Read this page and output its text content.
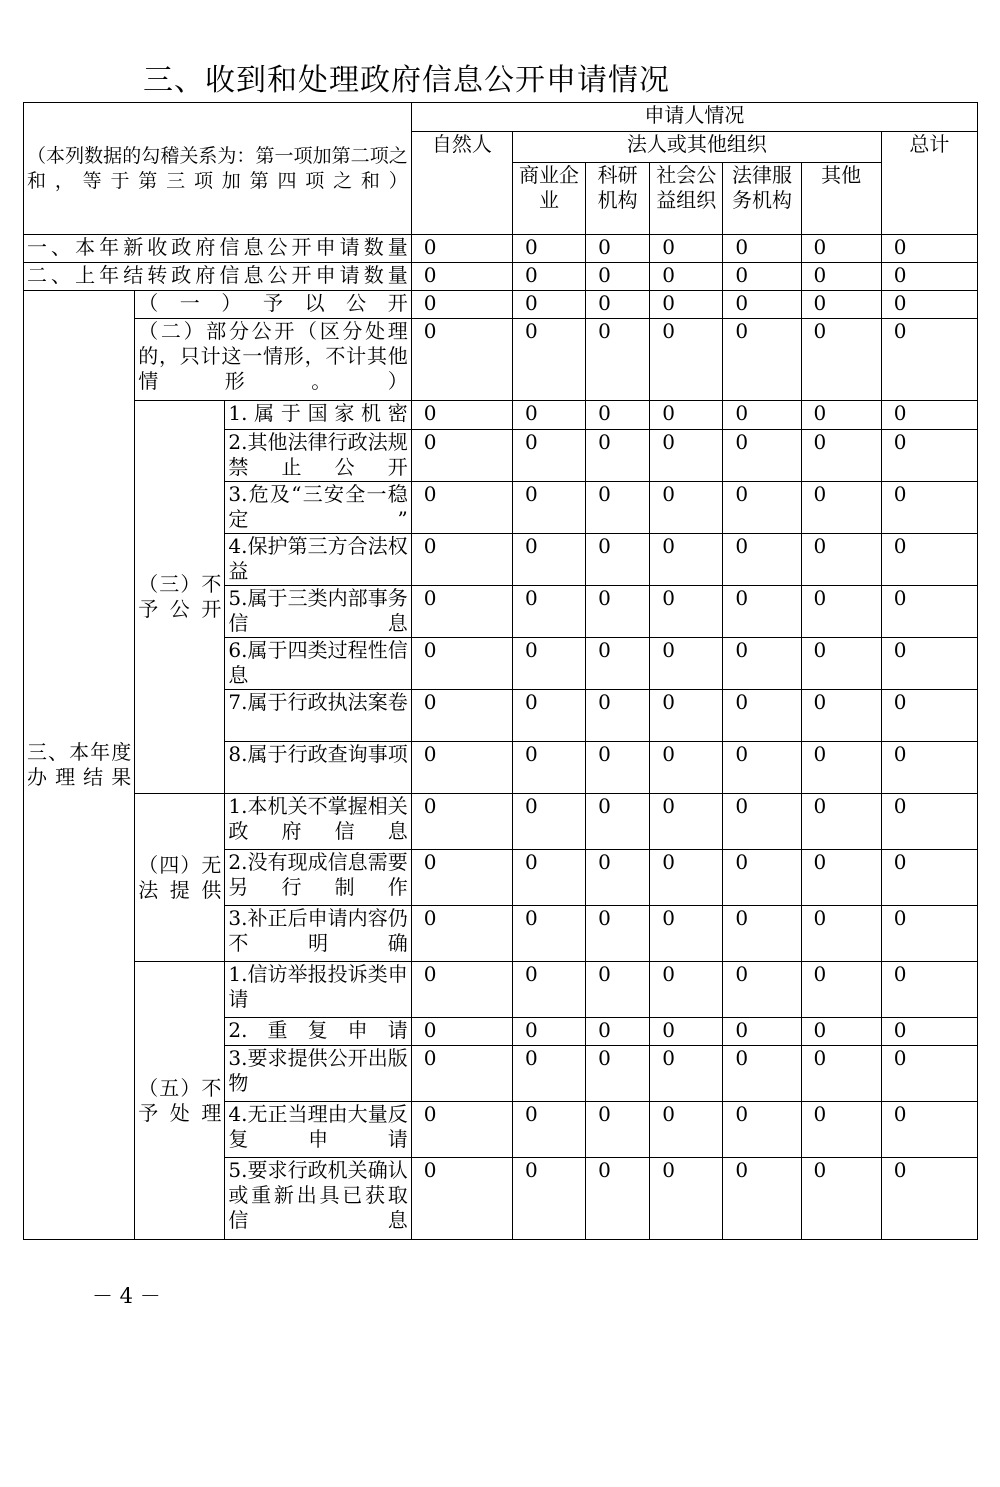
三、收到和处理政府信息公开申请情况
（本列数据的勾稽关系为：第一项加第二项之和，等于第三项加第四项之和）			申请人情况						
			自然人	法人或其他组织					总计
				商业企业	科研机构	社会公益组织	法律服务机构	其他	
一、本年新收政府信息公开申请数量			0	0	0	0	0	0	0
二、上年结转政府信息公开申请数量			0	0	0	0	0	0	0
三、本年度办理结果	（一）予以公开		0	0	0	0	0	0	0
	（二）部分公开（区分处理的，只计这一情形，不计其他情形。）		0	0	0	0	0	0	0
	（三）不予公开	1.属于国家机密	0	0	0	0	0	0	0
		2.其他法律行政法规禁止公开	0	0	0	0	0	0	0
		3.危及“三安全一稳定”	0	0	0	0	0	0	0
		4.保护第三方合法权益	0	0	0	0	0	0	0
		5.属于三类内部事务信息	0	0	0	0	0	0	0
		6.属于四类过程性信息	0	0	0	0	0	0	0
		7.属于行政执法案卷	0	0	0	0	0	0	0
		8.属于行政查询事项	0	0	0	0	0	0	0
	（四）无法提供	1.本机关不掌握相关政府信息	0	0	0	0	0	0	0
		2.没有现成信息需要另行制作	0	0	0	0	0	0	0
		3.补正后申请内容仍不明确	0	0	0	0	0	0	0
	（五）不予处理	1.信访举报投诉类申请	0	0	0	0	0	0	0
		2.重复申请	0	0	0	0	0	0	0
		3.要求提供公开出版物	0	0	0	0	0	0	0
		4.无正当理由大量反复申请	0	0	0	0	0	0	0
		5.要求行政机关确认或重新出具已获取信息	0	0	0	0	0	0	0
－ 4 －
